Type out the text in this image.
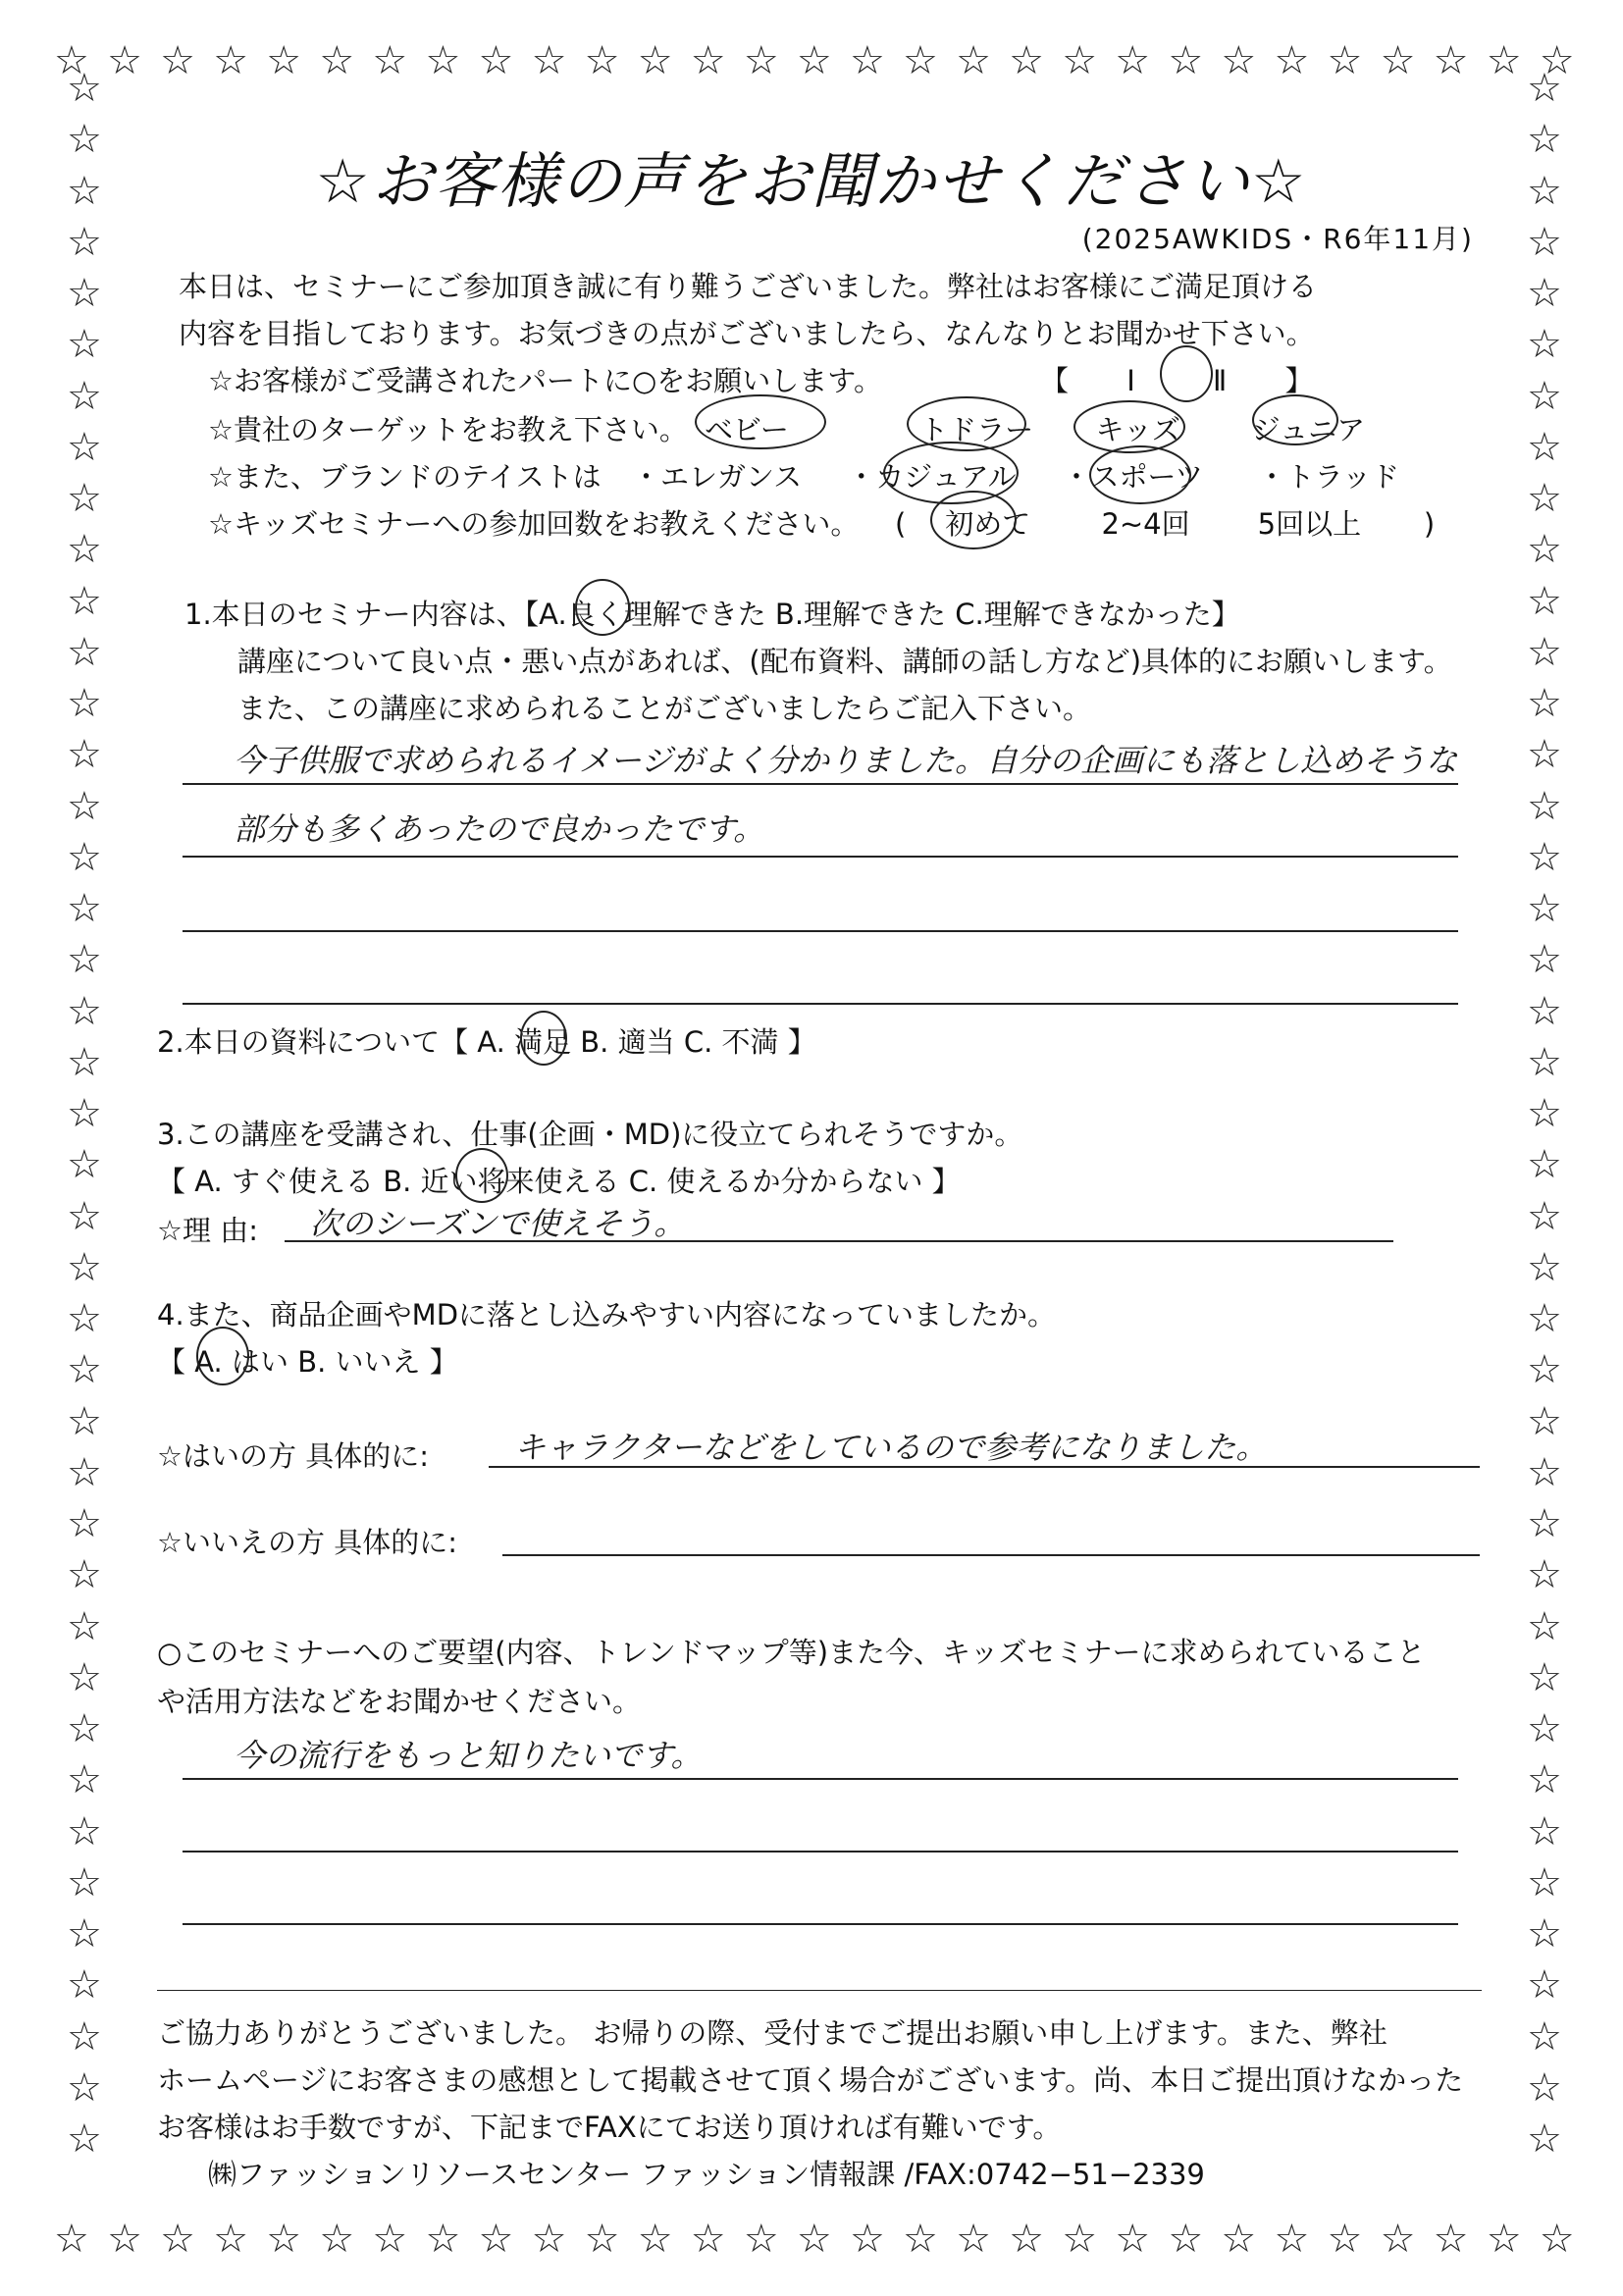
☆ ☆ ☆ ☆ ☆ ☆ ☆ ☆ ☆ ☆ ☆ ☆ ☆ ☆ ☆ ☆ ☆ ☆ ☆ ☆ ☆ ☆ ☆ ☆ ☆ ☆ ☆ ☆ ☆
☆ ☆ ☆ ☆ ☆ ☆ ☆ ☆ ☆ ☆ ☆ ☆ ☆ ☆ ☆ ☆ ☆ ☆ ☆ ☆ ☆ ☆ ☆ ☆ ☆ ☆ ☆ ☆ ☆
☆
☆
☆
☆
☆
☆
☆
☆
☆
☆
☆
☆
☆
☆
☆
☆
☆
☆
☆
☆
☆
☆
☆
☆
☆
☆
☆
☆
☆
☆
☆
☆
☆
☆
☆
☆
☆
☆
☆
☆
☆
☆
☆
☆
☆
☆
☆
☆
☆
☆
☆
☆
☆
☆
☆
☆
☆
☆
☆
☆
☆
☆
☆
☆
☆
☆
☆
☆
☆
☆
☆
☆
☆
☆
☆
☆
☆
☆
☆
☆
☆
☆
☆お客様の声をお聞かせください☆
(2025AWKIDS・R6年11月)
本日は、セミナーにご参加頂き誠に有り難うございました。弊社はお客様にご満足頂ける
内容を目指しております。お気づきの点がございましたら、なんなりとお聞かせ下さい。
☆お客様がご受講されたパートに○をお願いします。	【 Ⅰ	Ⅱ 】
☆貴社のターゲットをお教え下さい。 ベビー	トドラー キッズ	ジュニア
☆また、ブランドのテイストは ・エレガンス ・カジュアル ・スポーツ ・トラッド
☆キッズセミナーへの参加回数をお教えください。 ( 初めて 2~4回 5回以上 )
1.本日のセミナー内容は、【A.良く理解できた B.理解できた C.理解できなかった】
講座について良い点・悪い点があれば、(配布資料、講師の話し方など)具体的にお願いします。
また、この講座に求められることがございましたらご記入下さい。
今子供服で求められるイメージがよく分かりました。自分の企画にも落とし込めそうな
部分も多くあったので良かったです。
2.本日の資料について【 A. 満足 B. 適当 C. 不満 】
3.この講座を受講され、仕事(企画・MD)に役立てられそうですか。
【 A. すぐ使える B. 近い将来使える C. 使えるか分からない 】
☆理 由: 次のシーズンで使えそう。
4.また、商品企画やMDに落とし込みやすい内容になっていましたか。
【 A. はい B. いいえ 】
☆はいの方 具体的に:	キャラクターなどをしているので参考になりました。
☆いいえの方 具体的に:
○このセミナーへのご要望(内容、トレンドマップ等)また今、キッズセミナーに求められていること
や活用方法などをお聞かせください。
今の流行をもっと知りたいです。
ご協力ありがとうございました。 お帰りの際、受付までご提出お願い申し上げます。また、弊社
ホームページにお客さまの感想として掲載させて頂く場合がございます。尚、本日ご提出頂けなかった
お客様はお手数ですが、下記までFAXにてお送り頂ければ有難いです。
㈱ファッションリソースセンター ファッション情報課 /FAX:0742−51−2339
